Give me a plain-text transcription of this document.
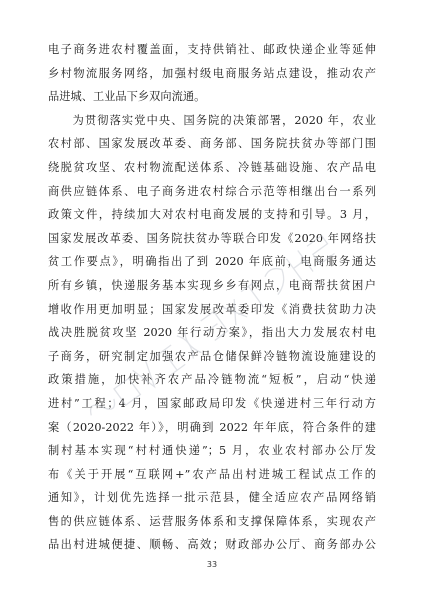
电子商务进农村覆盖面，支持供销社、邮政快递企业等延伸
乡村物流服务网络，加强村级电商服务站点建设，推动农产
品进城、工业品下乡双向流通。
　　为贯彻落实党中央、国务院的决策部署，2020 年，农业
农村部、国家发展改革委、商务部、国务院扶贫办等部门围
绕脱贫攻坚、农村物流配送体系、冷链基础设施、农产品电
商供应链体系、电子商务进农村综合示范等相继出台一系列
政策文件，持续加大对农村电商发展的支持和引导。3 月，
国家发展改革委、国务院扶贫办等联合印发《2020 年网络扶
贫工作要点》，明确指出了到 2020 年底前，电商服务通达
所有乡镇，快递服务基本实现乡乡有网点，电商帮扶贫困户
增收作用更加明显；国家发展改革委印发《消费扶贫助力决
战决胜脱贫攻坚 2020 年行动方案》，指出大力发展农村电
子商务，研究制定加强农产品仓储保鲜冷链物流设施建设的
政策措施，加快补齐农产品冷链物流“短板”，启动“快递
进村”工程；4 月，国家邮政局印发《快递进村三年行动方
案（2020-2022 年）》，明确到 2022 年年底，符合条件的建
制村基本实现“村村通快递”；5 月，农业农村部办公厅发
布《关于开展“互联网+”农产品出村进城工程试点工作的
通知》，计划优先选择一批示范县，健全适应农产品网络销
售的供应链体系、运营服务体系和支撑保障体系，实现农产
品出村进城便捷、顺畅、高效；财政部办公厅、商务部办公
33
